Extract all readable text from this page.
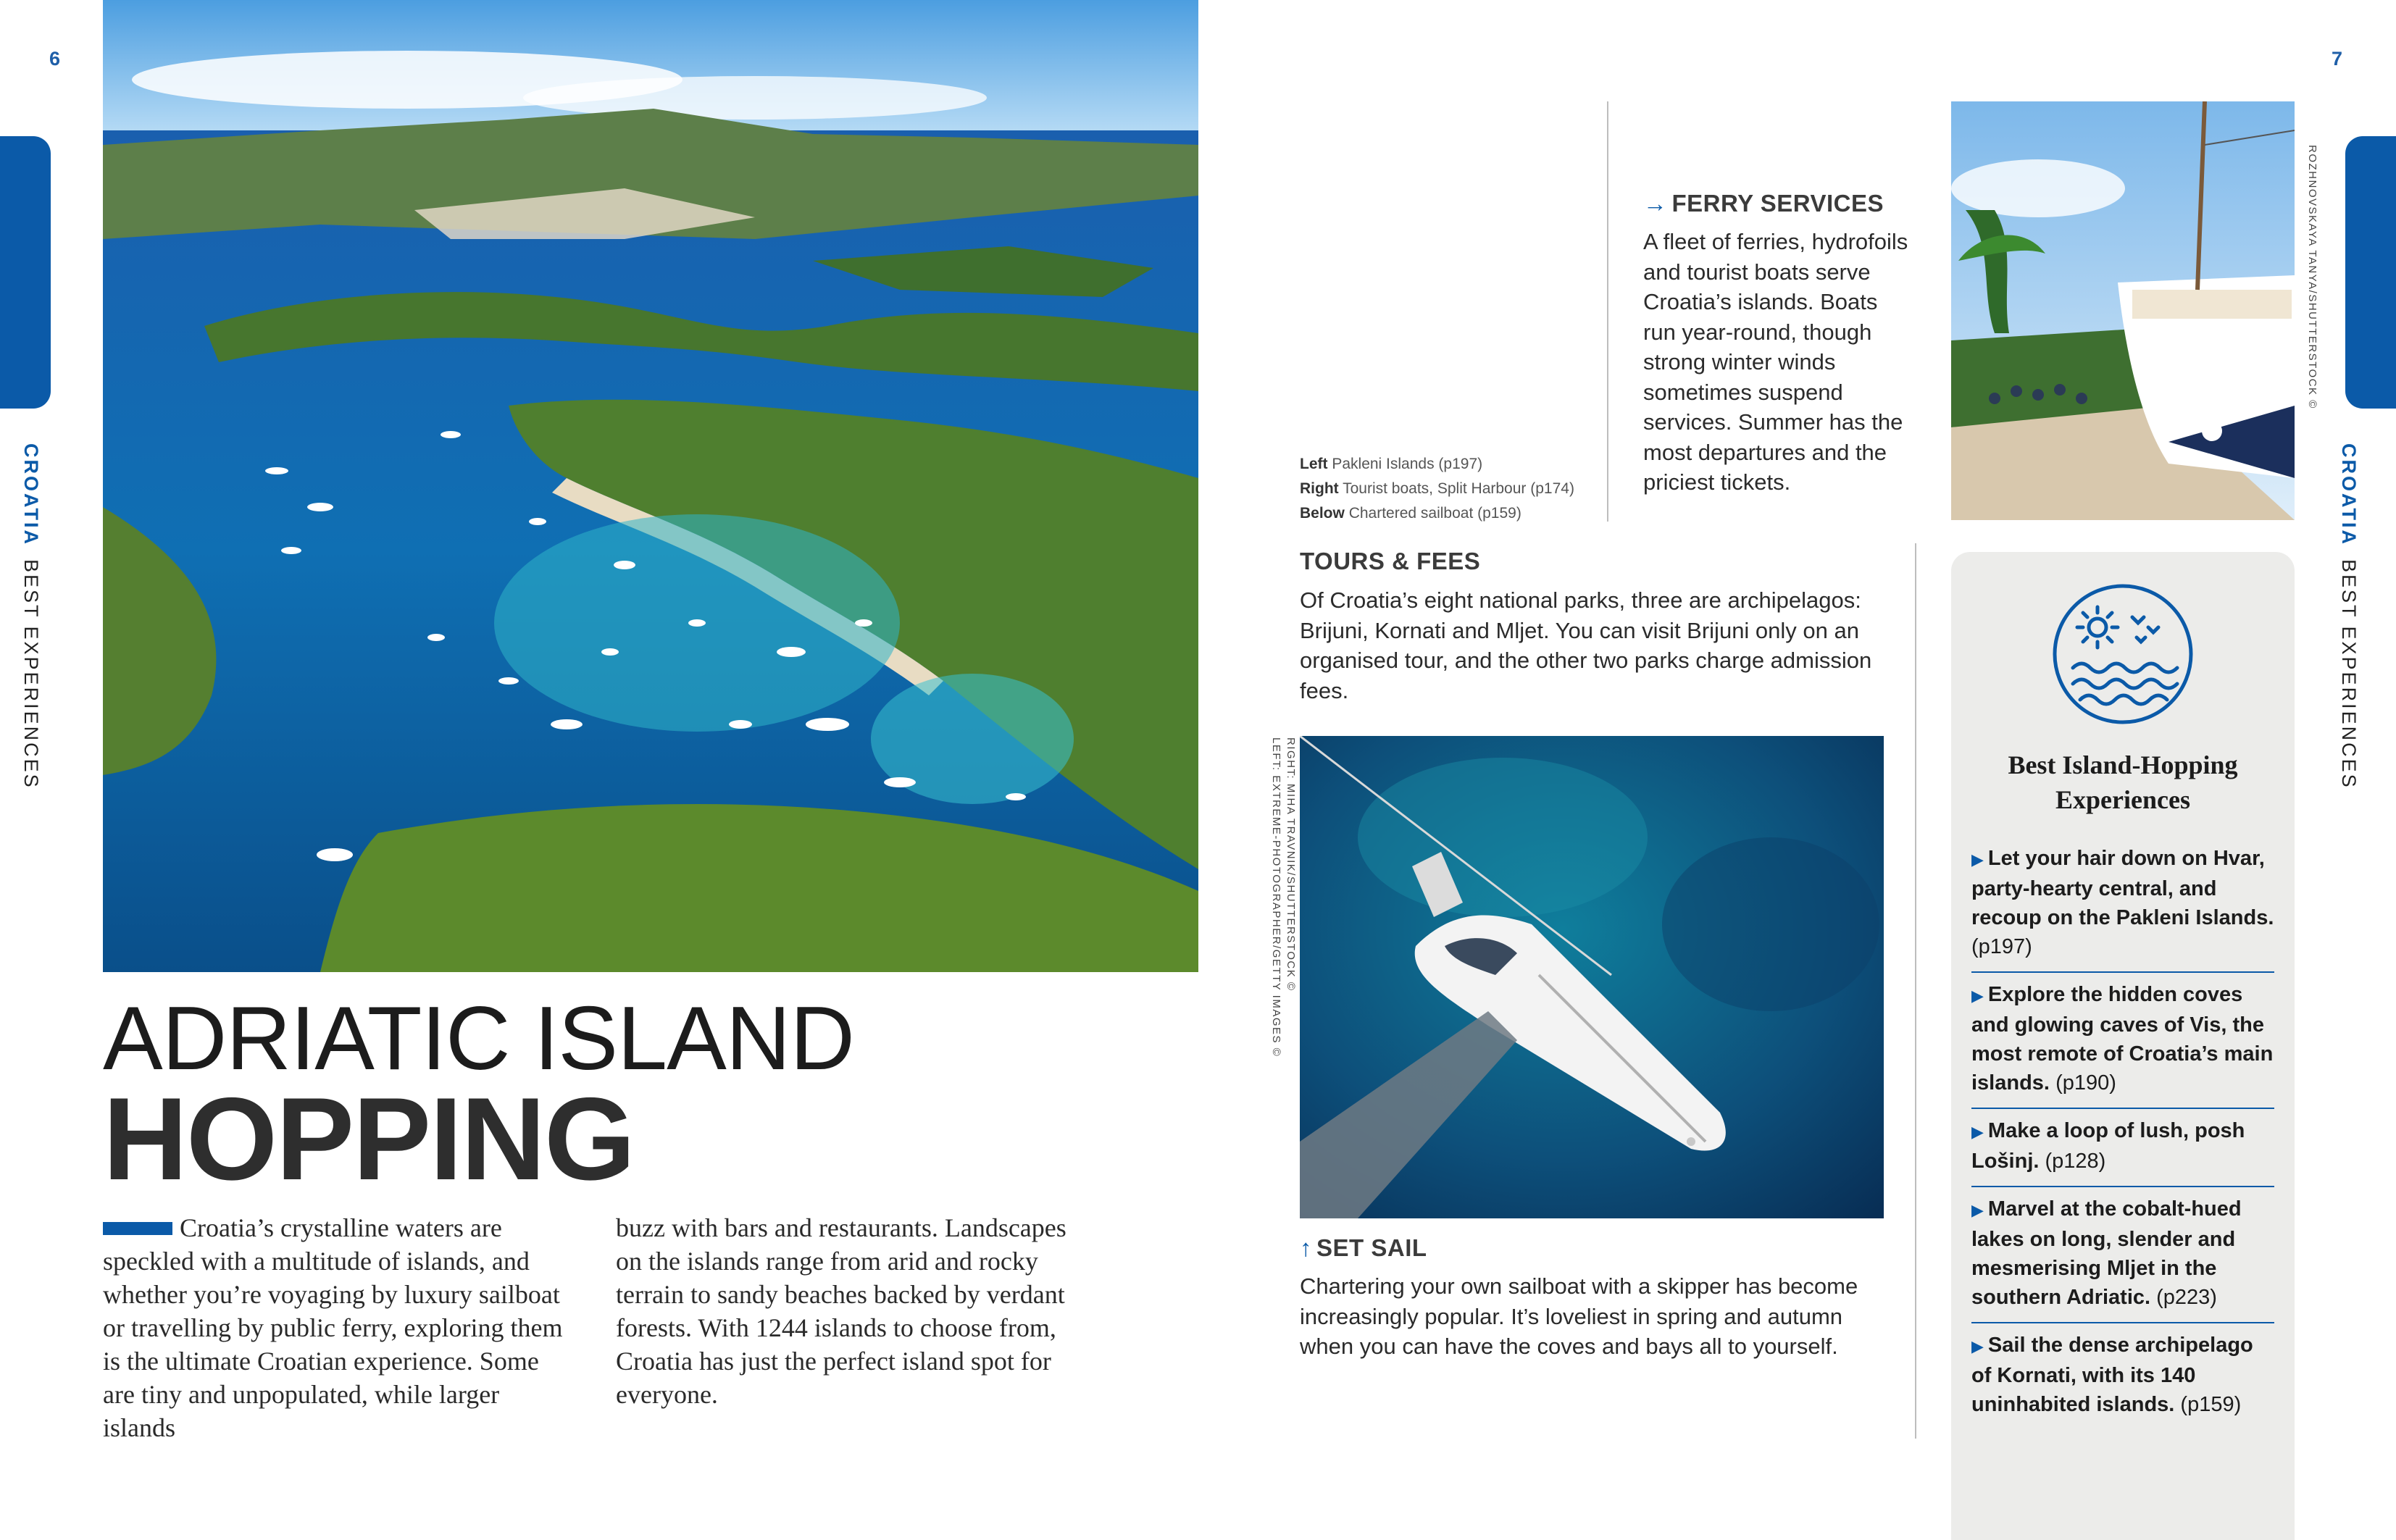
6	7
CROATIABEST EXPERIENCES
CROATIABEST EXPERIENCES
ADRIATIC ISLAND
HOPPING
Croatia’s crystalline waters are speckled with a multitude of islands, and whether you’re voyaging by luxury sailboat or travelling by public ferry, exploring them is the ultimate Croatian experience. Some are tiny and unpopulated, while larger islands
buzz with bars and restaurants. Landscapes on the islands range from arid and rocky terrain to sandy beaches backed by verdant forests. With 1244 islands to choose from, Croatia has just the perfect island spot for everyone.
Left Pakleni Islands (p197)
Right Tourist boats, Split Harbour (p174)
Below Chartered sailboat (p159)
→ FERRY SERVICES
A fleet of ferries, hydrofoils and tourist boats serve Croatia’s islands. Boats run year-round, though strong winter winds sometimes suspend services. Summer has the most departures and the priciest tickets.
TOURS & FEES
Of Croatia’s eight national parks, three are archipelagos: Brijuni, Kornati and Mljet. You can visit Brijuni only on an organised tour, and the other two parks charge admission fees.
RIGHT: MIHA TRAVNIK/SHUTTERSTOCK ©
LEFT: EXTREME-PHOTOGRAPHER/GETTY IMAGES ©
ROZHNOVSKAYA TANYA/SHUTTERSTOCK ©
↑ SET SAIL
Chartering your own sailboat with a skipper has become increasingly popular. It’s loveliest in spring and autumn when you can have the coves and bays all to yourself.
Best Island-Hopping Experiences
▶ Let your hair down on Hvar, party-hearty central, and recoup on the Pakleni Islands. (p197)
▶ Explore the hidden coves and glowing caves of Vis, the most remote of Croatia’s main islands. (p190)
▶ Make a loop of lush, posh Lošinj. (p128)
▶ Marvel at the cobalt-hued lakes on long, slender and mesmerising Mljet in the southern Adriatic. (p223)
▶ Sail the dense archipelago of Kornati, with its 140 uninhabited islands. (p159)
